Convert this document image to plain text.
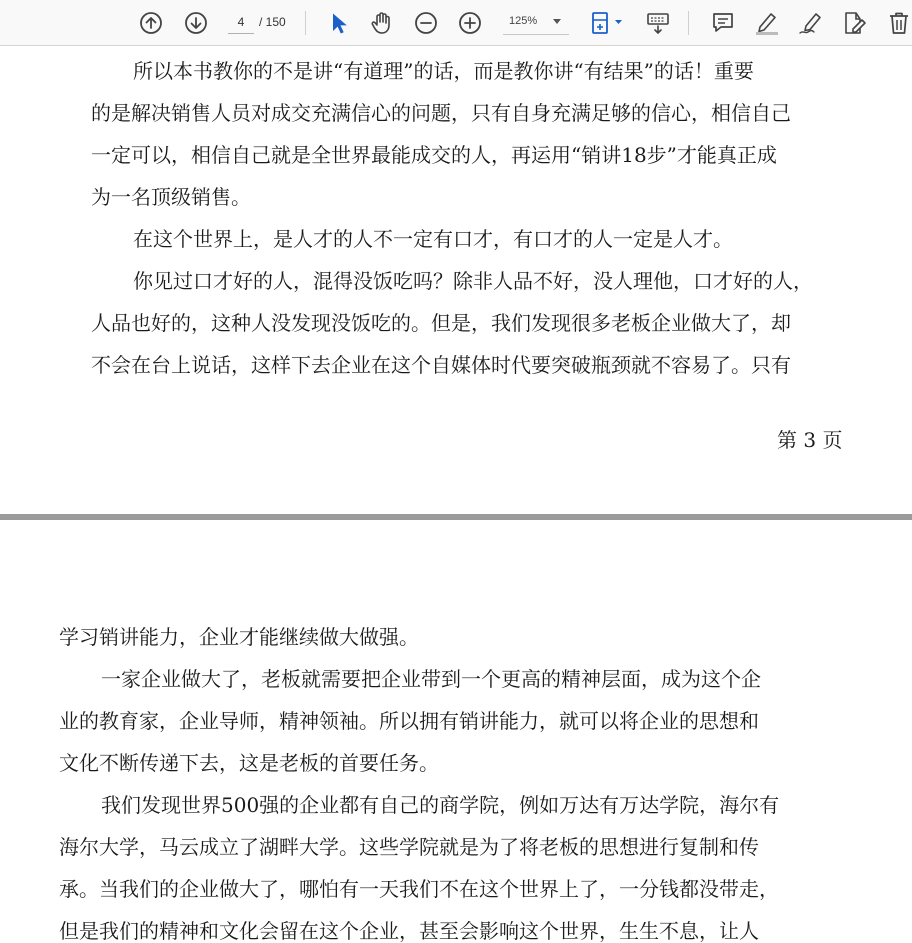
4
/ 150	125%
所以本书教你的不是讲“有道理”的话，而是教你讲“有结果”的话！重要
的是解决销售人员对成交充满信心的问题，只有自身充满足够的信心，相信自己
一定可以，相信自己就是全世界最能成交的人，再运用“销讲18步”才能真正成
为一名顶级销售。
在这个世界上，是人才的人不一定有口才，有口才的人一定是人才。
你见过口才好的人，混得没饭吃吗？除非人品不好，没人理他，口才好的人，
人品也好的，这种人没发现没饭吃的。但是，我们发现很多老板企业做大了，却
不会在台上说话，这样下去企业在这个自媒体时代要突破瓶颈就不容易了。只有
第 3 页
学习销讲能力，企业才能继续做大做强。
一家企业做大了，老板就需要把企业带到一个更高的精神层面，成为这个企
业的教育家，企业导师，精神领袖。所以拥有销讲能力，就可以将企业的思想和
文化不断传递下去，这是老板的首要任务。
我们发现世界500强的企业都有自己的商学院，例如万达有万达学院，海尔有
海尔大学，马云成立了湖畔大学。这些学院就是为了将老板的思想进行复制和传
承。当我们的企业做大了，哪怕有一天我们不在这个世界上了，一分钱都没带走，
但是我们的精神和文化会留在这个企业，甚至会影响这个世界，生生不息，让人
